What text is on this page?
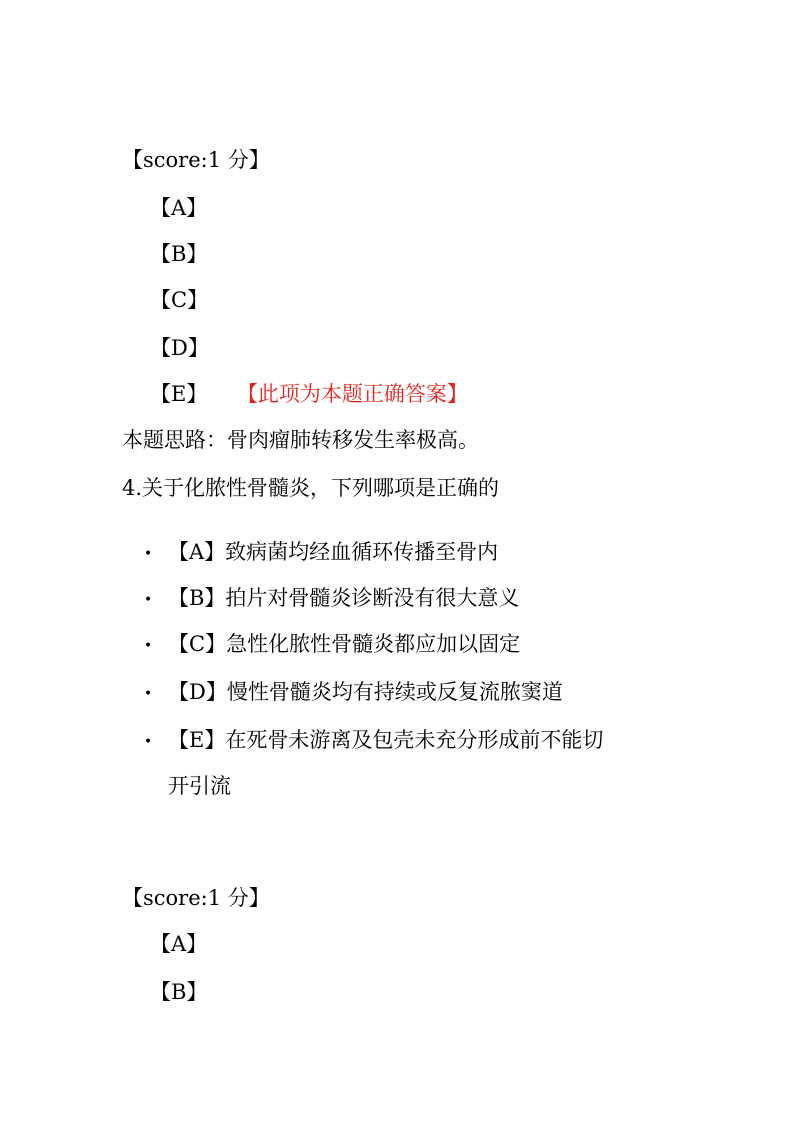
【score:1 分】
【A】
【B】
【C】
【D】
【E】 【此项为本题正确答案】
本题思路：骨肉瘤肺转移发生率极高。
4.关于化脓性骨髓炎，下列哪项是正确的
• 【A】致病菌均经血循环传播至骨内
• 【B】拍片对骨髓炎诊断没有很大意义
• 【C】急性化脓性骨髓炎都应加以固定
• 【D】慢性骨髓炎均有持续或反复流脓窦道
• 【E】在死骨未游离及包壳未充分形成前不能切
开引流
【score:1 分】
【A】
【B】
